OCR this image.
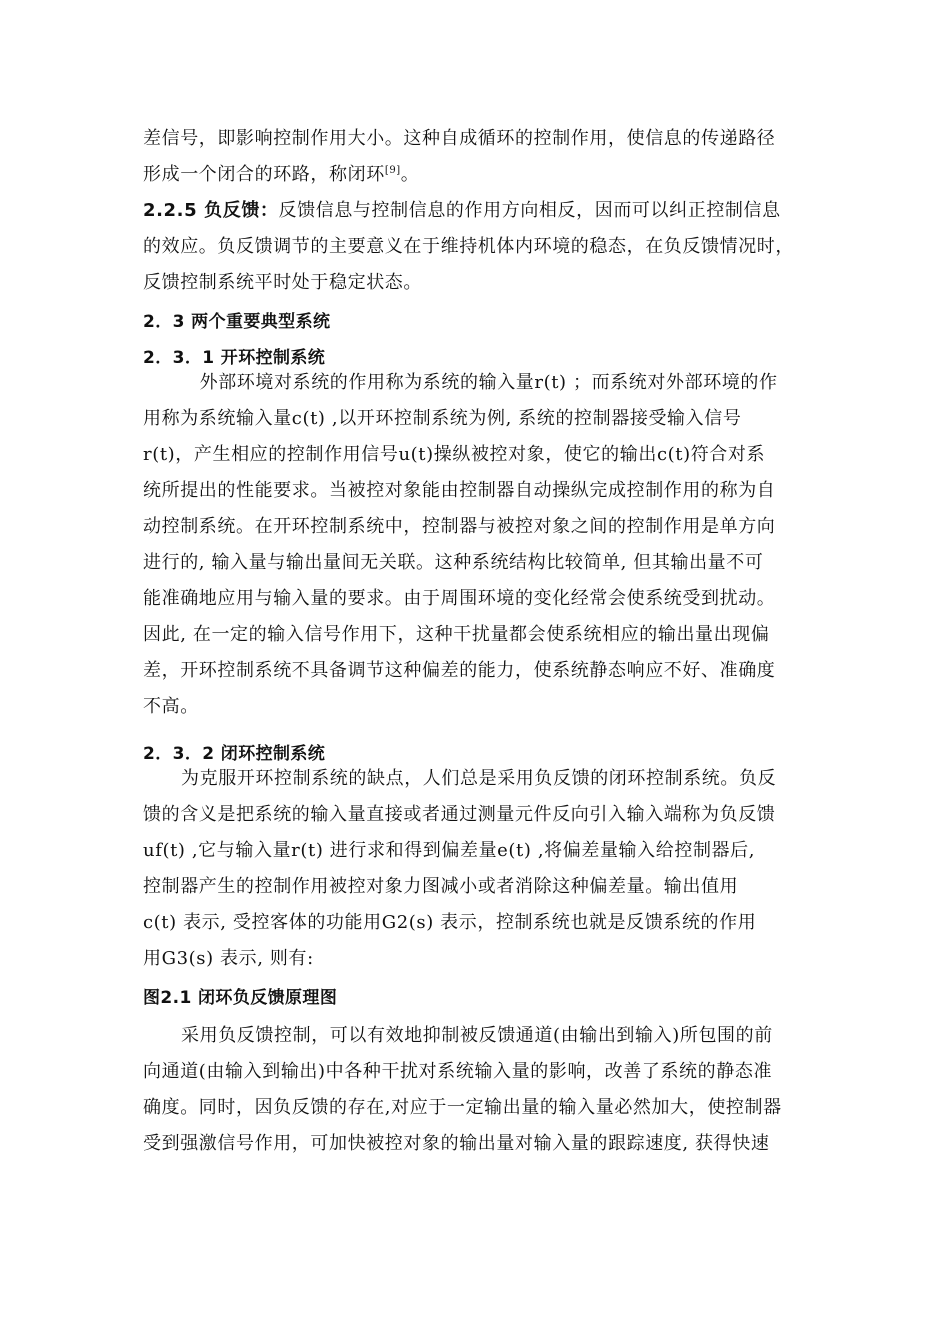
差信号，即影响控制作用大小。这种自成循环的控制作用，使信息的传递路径
形成一个闭合的环路，称闭环[9]。
2.2.5 负反馈：反馈信息与控制信息的作用方向相反，因而可以纠正控制信息
的效应。负反馈调节的主要意义在于维持机体内环境的稳态，在负反馈情况时，
反馈控制系统平时处于稳定状态。
2．3 两个重要典型系统
2．3．1 开环控制系统
　外部环境对系统的作用称为系统的输入量r(t) ；而系统对外部环境的作
用称为系统输入量c(t) ,以开环控制系统为例, 系统的控制器接受输入信号
r(t)，产生相应的控制作用信号u(t)操纵被控对象，使它的输出c(t)符合对系
统所提出的性能要求。当被控对象能由控制器自动操纵完成控制作用的称为自
动控制系统。在开环控制系统中，控制器与被控对象之间的控制作用是单方向
进行的, 输入量与输出量间无关联。这种系统结构比较简单, 但其输出量不可
能准确地应用与输入量的要求。由于周围环境的变化经常会使系统受到扰动。
因此, 在一定的输入信号作用下，这种干扰量都会使系统相应的输出量出现偏
差，开环控制系统不具备调节这种偏差的能力，使系统静态响应不好、准确度
不高。
2．3．2 闭环控制系统
为克服开环控制系统的缺点，人们总是采用负反馈的闭环控制系统。负反
馈的含义是把系统的输入量直接或者通过测量元件反向引入输入端称为负反馈
uf(t) ,它与输入量r(t) 进行求和得到偏差量e(t) ,将偏差量输入给控制器后,
控制器产生的控制作用被控对象力图减小或者消除这种偏差量。输出值用
c(t) 表示, 受控客体的功能用G2(s) 表示，控制系统也就是反馈系统的作用
用G3(s) 表示, 则有:
图2.1 闭环负反馈原理图
采用负反馈控制，可以有效地抑制被反馈通道(由输出到输入)所包围的前
向通道(由输入到输出)中各种干扰对系统输入量的影响，改善了系统的静态准
确度。同时，因负反馈的存在,对应于一定输出量的输入量必然加大，使控制器
受到强激信号作用，可加快被控对象的输出量对输入量的跟踪速度, 获得快速
